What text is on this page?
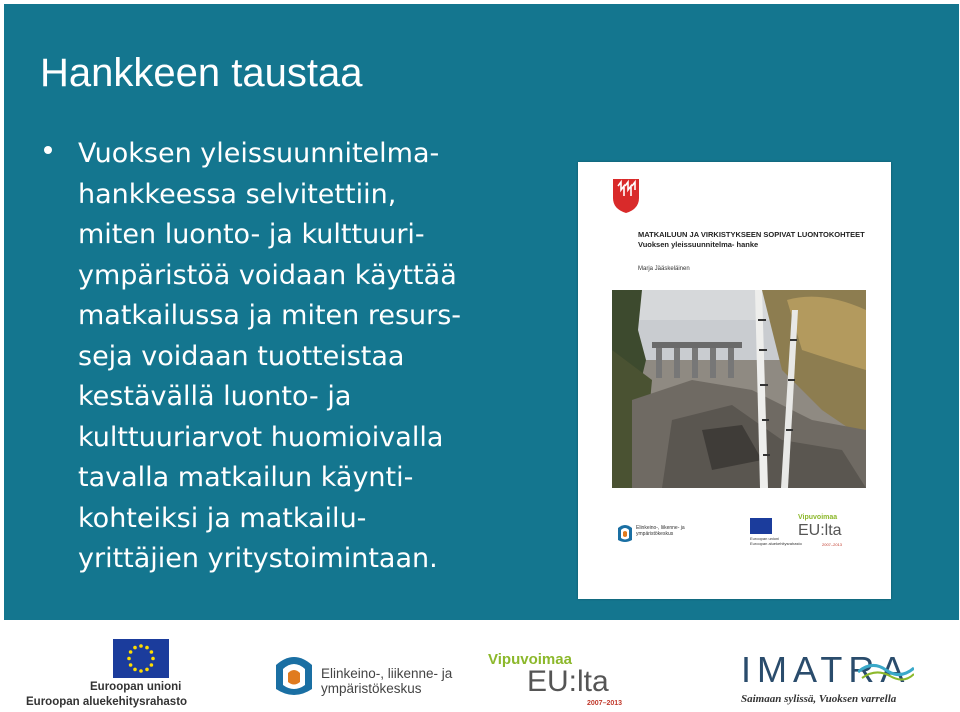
Hankkeen taustaa
Vuoksen yleissuunnitelma-
hankkeessa selvitettiin,
miten luonto- ja kulttuuri-
ympäristöä voidaan käyttää
matkailussa ja miten resurs-
seja voidaan tuotteistaa
kestävällä luonto- ja
kulttuuriarvot huomioivalla
tavalla matkailun käynti-
kohteiksi ja matkailu-
yrittäjien yritystoimintaan.
MATKAILUUN JA VIRKISTYKSEEN SOPIVAT LUONTOKOHTEET
Vuoksen yleissuunnitelma- hanke
Marja Jääskeläinen
Elinkeino-, liikenne- ja
ympäristökeskus
Euroopan unioni
Euroopan aluekehitysrahasto
Vipuvoimaa
EU:lta
2007–2013
Euroopan unioni
Euroopan aluekehitysrahasto
Elinkeino-, liikenne- ja
ympäristökeskus
Vipuvoimaa
EU:lta
2007–2013
IMATRA
Saimaan sylissä, Vuoksen varrella
